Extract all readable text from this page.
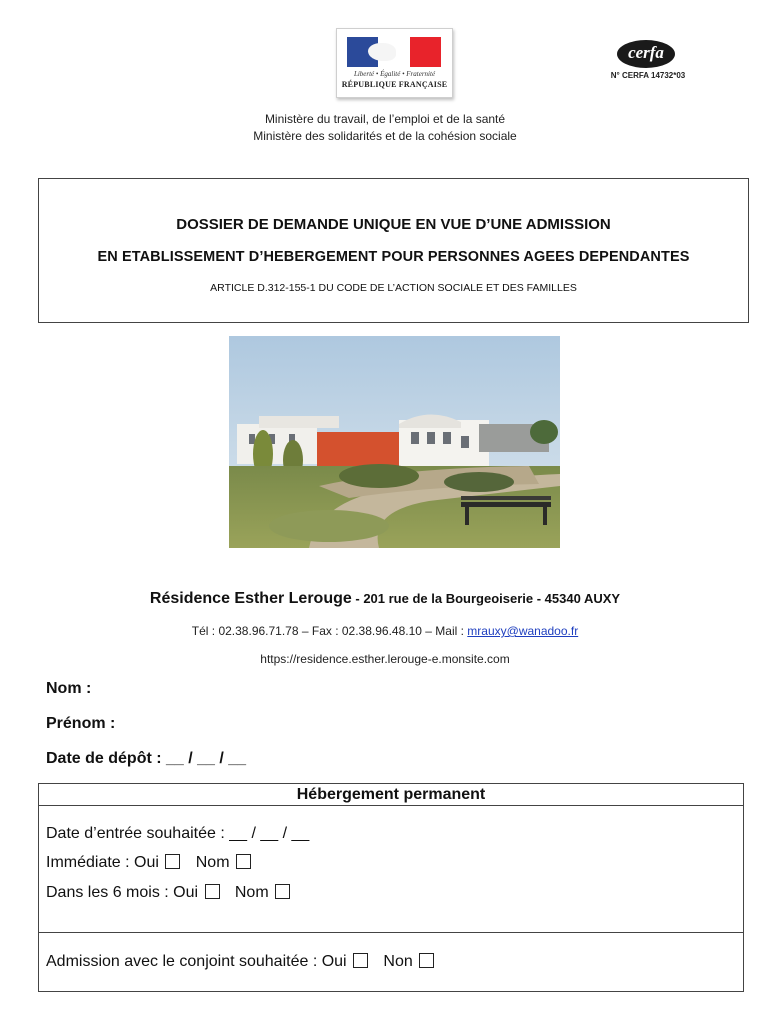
Liberté • Égalité • Fraternité
RÉPUBLIQUE FRANÇAISE
cerfa
N° CERFA 14732*03
Ministère du travail, de l’emploi et de la santé
Ministère des solidarités et de la cohésion sociale
DOSSIER DE DEMANDE UNIQUE EN VUE D’UNE ADMISSION
EN ETABLISSEMENT D’HEBERGEMENT POUR PERSONNES AGEES DEPENDANTES
ARTICLE D.312-155-1 DU CODE DE L’ACTION SOCIALE ET DES FAMILLES
Résidence Esther Lerouge - 201 rue de la Bourgeoiserie - 45340 AUXY
Tél : 02.38.96.71.78 – Fax : 02.38.96.48.10 – Mail : mrauxy@wanadoo.fr
https://residence.esther.lerouge-e.monsite.com
Nom :
Prénom :
Date de dépôt : __ / __ / __
Hébergement permanent
Date d’entrée souhaitée : __ / __ / __
Immédiate : Oui Nom
Dans les 6 mois : Oui Nom
Admission avec le conjoint souhaitée : Oui Non
